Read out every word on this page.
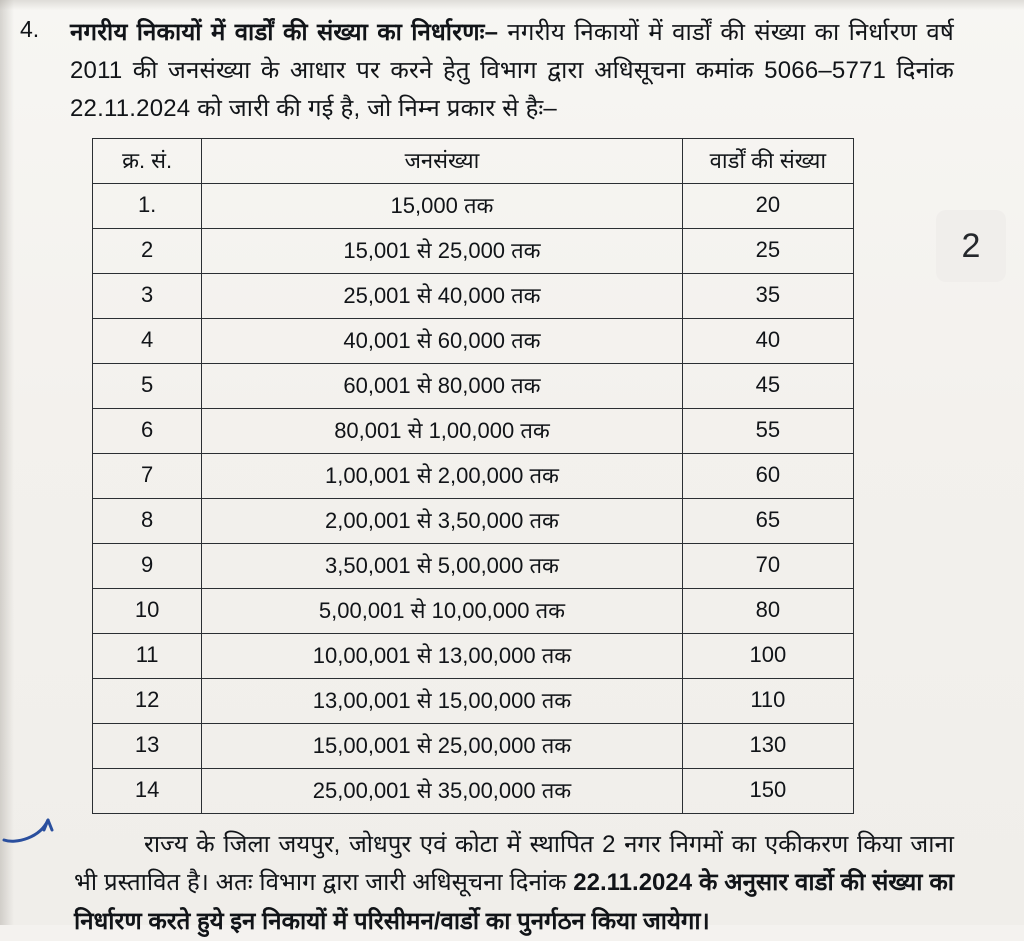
2
4.	नगरीय निकायों में वार्डों की संख्या का निर्धारणः– नगरीय निकायों में वार्डों की संख्या का निर्धारण वर्ष 2011 की जनसंख्या के आधार पर करने हेतु विभाग द्वारा अधिसूचना कमांक 5066–5771 दिनांक 22.11.2024 को जारी की गई है, जो निम्न प्रकार से हैः–
क्र. सं.	जनसंख्या	वार्डों की संख्या
1.	15,000 तक	20
2	15,001 से 25,000 तक	25
3	25,001 से 40,000 तक	35
4	40,001 से 60,000 तक	40
5	60,001 से 80,000 तक	45
6	80,001 से 1,00,000 तक	55
7	1,00,001 से 2,00,000 तक	60
8	2,00,001 से 3,50,000 तक	65
9	3,50,001 से 5,00,000 तक	70
10	5,00,001 से 10,00,000 तक	80
11	10,00,001 से 13,00,000 तक	100
12	13,00,001 से 15,00,000 तक	110
13	15,00,001 से 25,00,000 तक	130
14	25,00,001 से 35,00,000 तक	150
राज्य के जिला जयपुर, जोधपुर एवं कोटा में स्थापित 2 नगर निगमों का एकीकरण किया जाना भी प्रस्तावित है। अतः विभाग द्वारा जारी अधिसूचना दिनांक 22.11.2024 के अनुसार वार्डो की संख्या का निर्धारण करते हुये इन निकायों में परिसीमन/वार्डो का पुनर्गठन किया जायेगा।
